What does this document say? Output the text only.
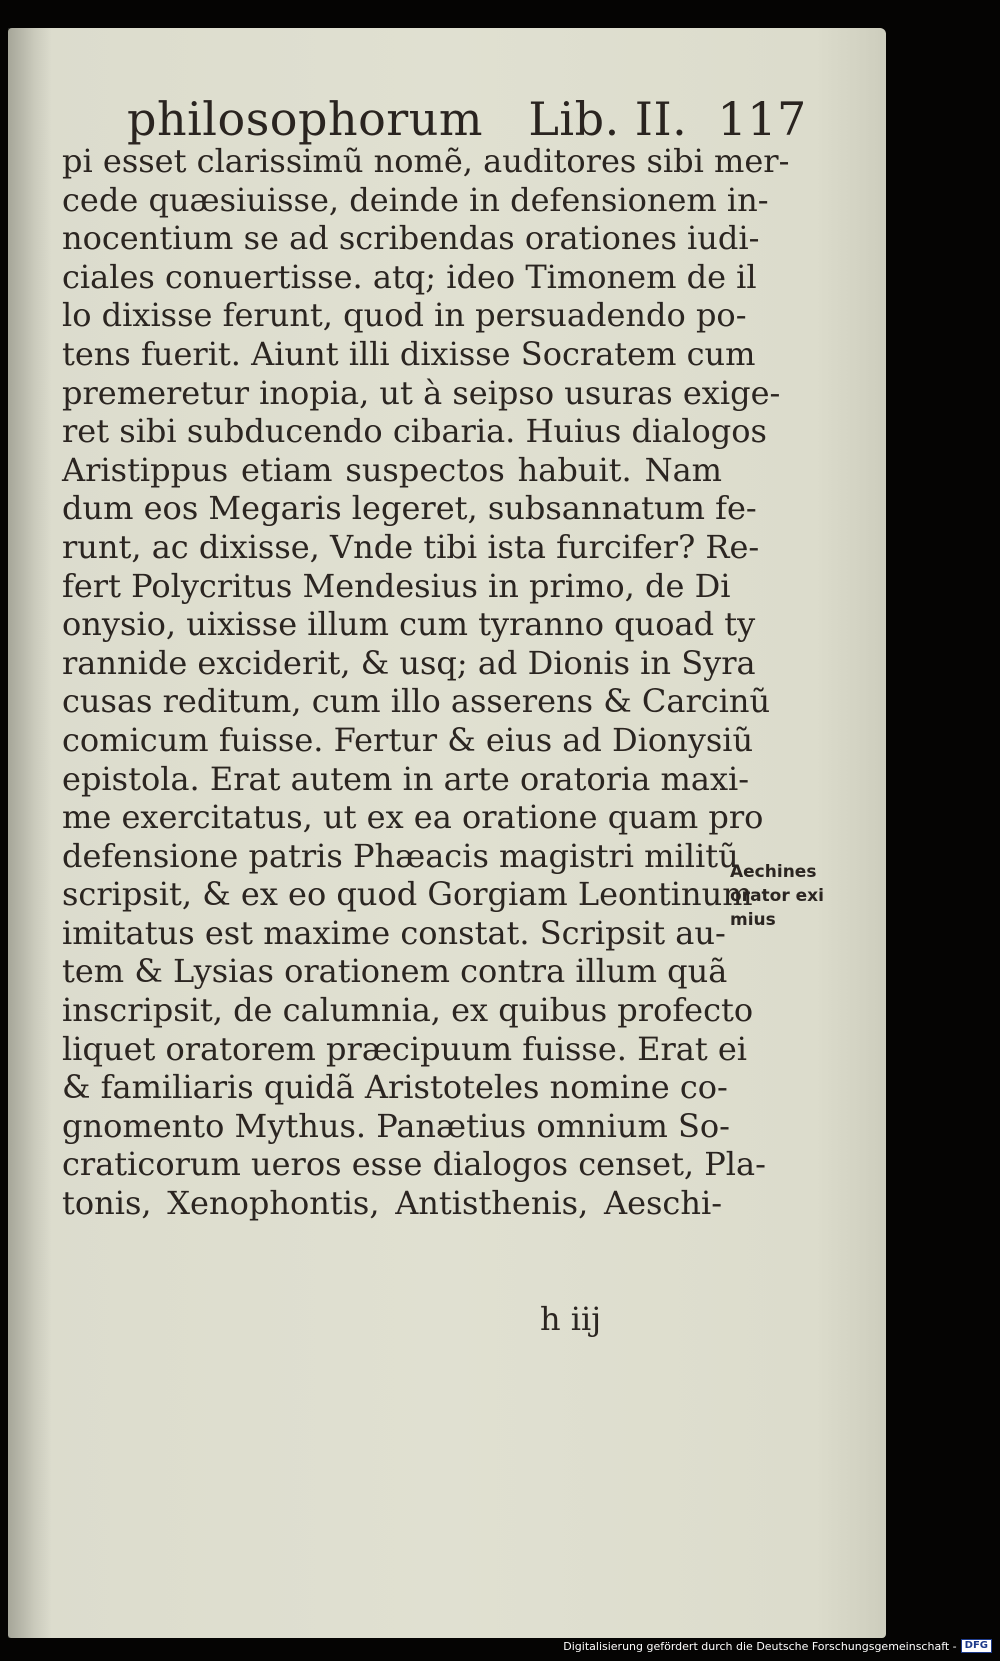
philosophorum   Lib. II.  117
pi esset clarissimũ nomẽ, auditores sibi mer-
cede quæsiuisse, deinde in defensionem in-
nocentium se ad scribendas orationes iudi-
ciales conuertisse. atq; ideo Timonem de il
lo dixisse ferunt, quod in persuadendo po-
tens fuerit. Aiunt illi dixisse Socratem cum
premeretur inopia, ut à seipso usuras exige-
ret sibi subducendo cibaria. Huius dialogos
Aristippus etiam suspectos habuit. Nam
dum eos Megaris legeret, subsannatum fe-
runt, ac dixisse, Vnde tibi ista furcifer? Re-
fert Polycritus Mendesius in primo, de Di
onysio, uixisse illum cum tyranno quoad ty
rannide exciderit, & usq; ad Dionis in Syra
cusas reditum, cum illo asserens & Carcinũ
comicum fuisse. Fertur & eius ad Dionysiũ
epistola. Erat autem in arte oratoria maxi-
me exercitatus, ut ex ea oratione quam pro
defensione patris Phæacis magistri militũ
scripsit, & ex eo quod Gorgiam Leontinum
imitatus est maxime constat. Scripsit au-
tem & Lysias orationem contra illum quã
inscripsit, de calumnia, ex quibus profecto
liquet oratorem præcipuum fuisse. Erat ei
& familiaris quidã Aristoteles nomine co-
gnomento Mythus. Panætius omnium So-
craticorum ueros esse dialogos censet, Pla-
tonis, Xenophontis, Antisthenis, Aeschi-
Aechines
orator exi
mius
h iij
Digitalisierung gefördert durch die Deutsche Forschungsgemeinschaft - DFG
